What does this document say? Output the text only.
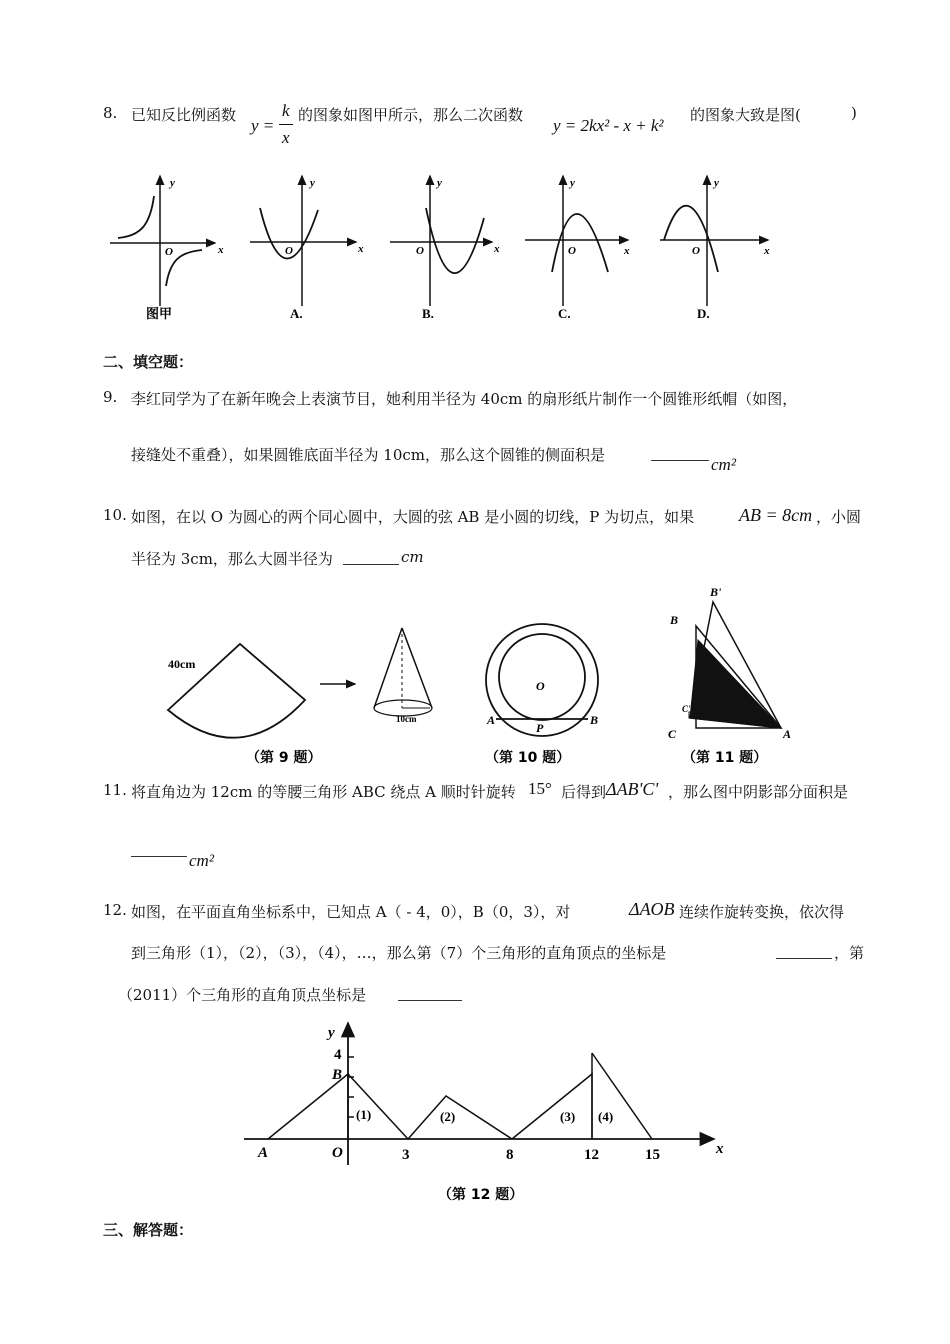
8. 已知反比例函数
y =
k
x
的图象如图甲所示，那么二次函数
y = 2kx² - x + k²
的图象大致是图(	)
y
x
O
图甲
y
x
O
A.
y
x
O
B.
y
x
O
C.
y
x
O
D.
二、填空题：
9. 李红同学为了在新年晚会上表演节目，她利用半径为 40cm 的扇形纸片制作一个圆锥形纸帽（如图，
接缝处不重叠），如果圆锥底面半径为 10cm，那么这个圆锥的侧面积是	cm²
10. 如图，在以 O 为圆心的两个同心圆中，大圆的弦 AB 是小圆的切线，P 为切点，如果 AB = 8cm ，小圆
半径为 3cm，那么大圆半径为	cm
40cm
10cm
（第 9 题）
O
A
P
B
（第 10 题）
B
B'
C
C'
A
（第 11 题）
11. 将直角边为 12cm 的等腰三角形 ABC 绕点 A 顺时针旋转 15° 后得到 ΔAB'C' ，那么图中阴影部分面积是
cm²
12. 如图，在平面直角坐标系中，已知点 A（ - 4，0），B（0，3），对	ΔAOB 连续作旋转变换，依次得
到三角形（1），（2），（3），（4），…，那么第（7）个三角形的直角顶点的坐标是	，第
（2011）个三角形的直角顶点坐标是
y
x
4
B
A	O	3	8	12	15
(1)	(2)	(3) (4)
（第 12 题）
三、解答题：
